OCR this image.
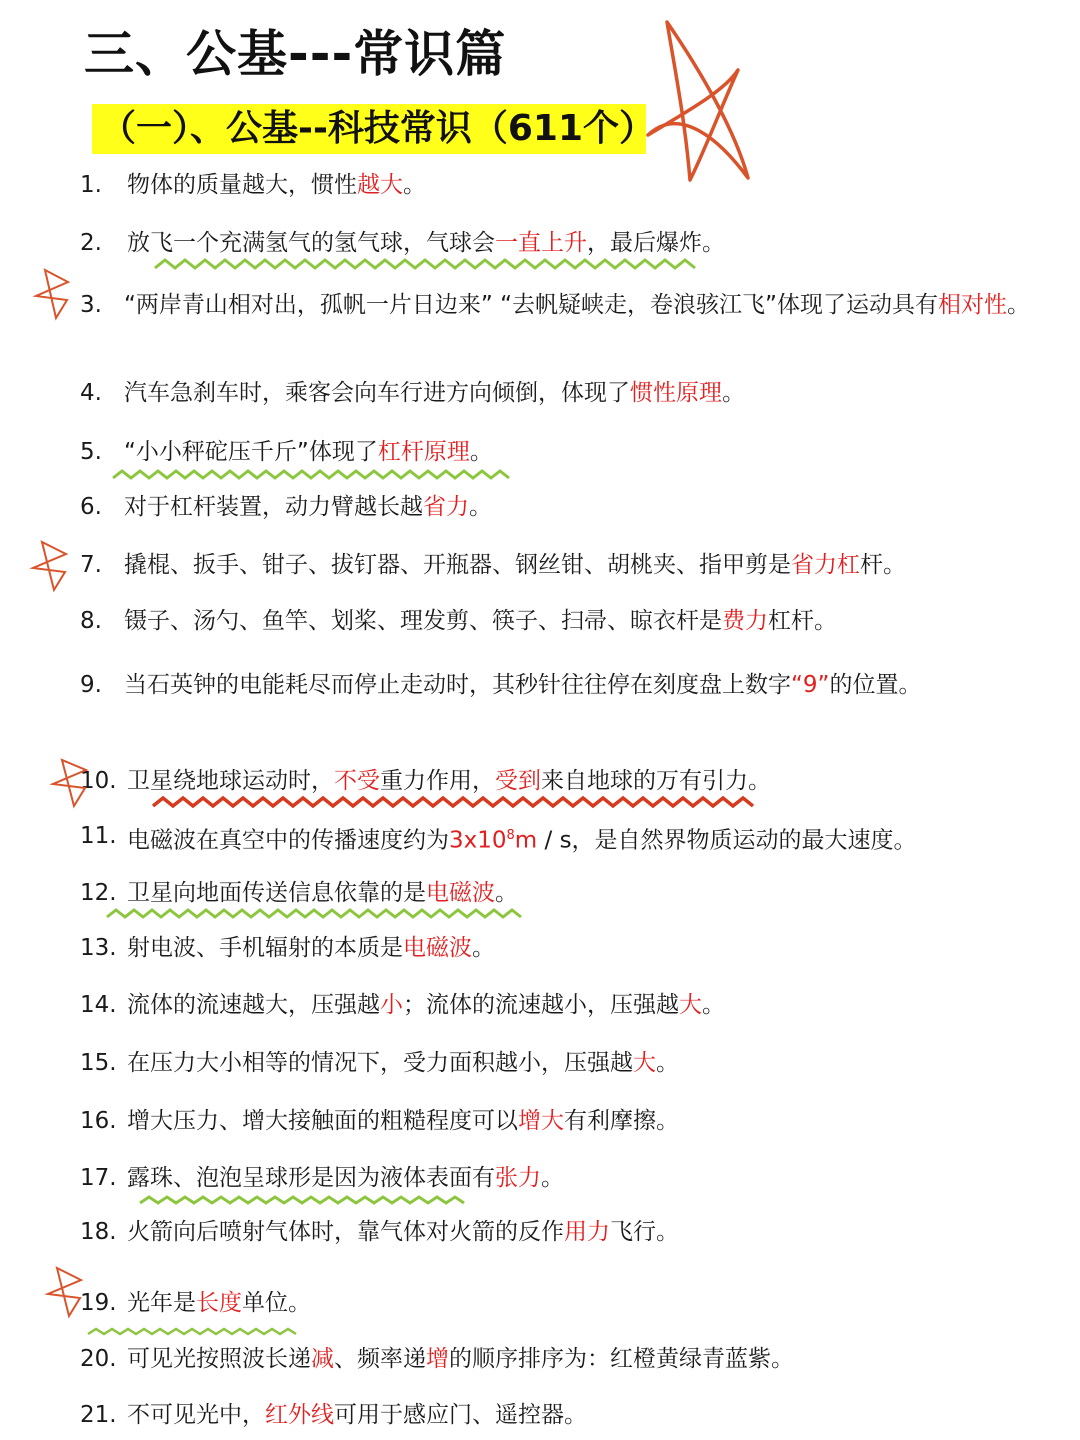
三、公基---常识篇
（一）、公基--科技常识（611个）
1.	物体的质量越大，惯性越大。
2.	放飞一个充满氢气的氢气球，气球会一直上升，最后爆炸。
3. “两岸青山相对出，孤帆一片日边来” “去帆疑峡走，卷浪骇江飞”体现了运动具有相对性。
4. 汽车急刹车时，乘客会向车行进方向倾倒，体现了惯性原理。
5. “小小秤砣压千斤”体现了杠杆原理。
6. 对于杠杆装置，动力臂越长越省力。
7. 撬棍、扳手、钳子、拔钉器、开瓶器、钢丝钳、胡桃夹、指甲剪是省力杠杆。
8. 镊子、汤勺、鱼竿、划桨、理发剪、筷子、扫帚、晾衣杆是费力杠杆。
9. 当石英钟的电能耗尽而停止走动时，其秒针往往停在刻度盘上数字“9”的位置。
10. 卫星绕地球运动时，不受重力作用，受到来自地球的万有引力。
11. 电磁波在真空中的传播速度约为$3x10^8m$ / s，是自然界物质运动的最大速度。
12. 卫星向地面传送信息依靠的是电磁波。
13. 射电波、手机辐射的本质是电磁波。
14. 流体的流速越大，压强越小；流体的流速越小，压强越大。
15. 在压力大小相等的情况下，受力面积越小，压强越大。
16. 增大压力、增大接触面的粗糙程度可以增大有利摩擦。
17. 露珠、泡泡呈球形是因为液体表面有张力。
18. 火箭向后喷射气体时，靠气体对火箭的反作用力飞行。
19. 光年是长度单位。
20. 可见光按照波长递减、频率递增的顺序排序为：红橙黄绿青蓝紫。
21. 不可见光中，红外线可用于感应门、遥控器。
